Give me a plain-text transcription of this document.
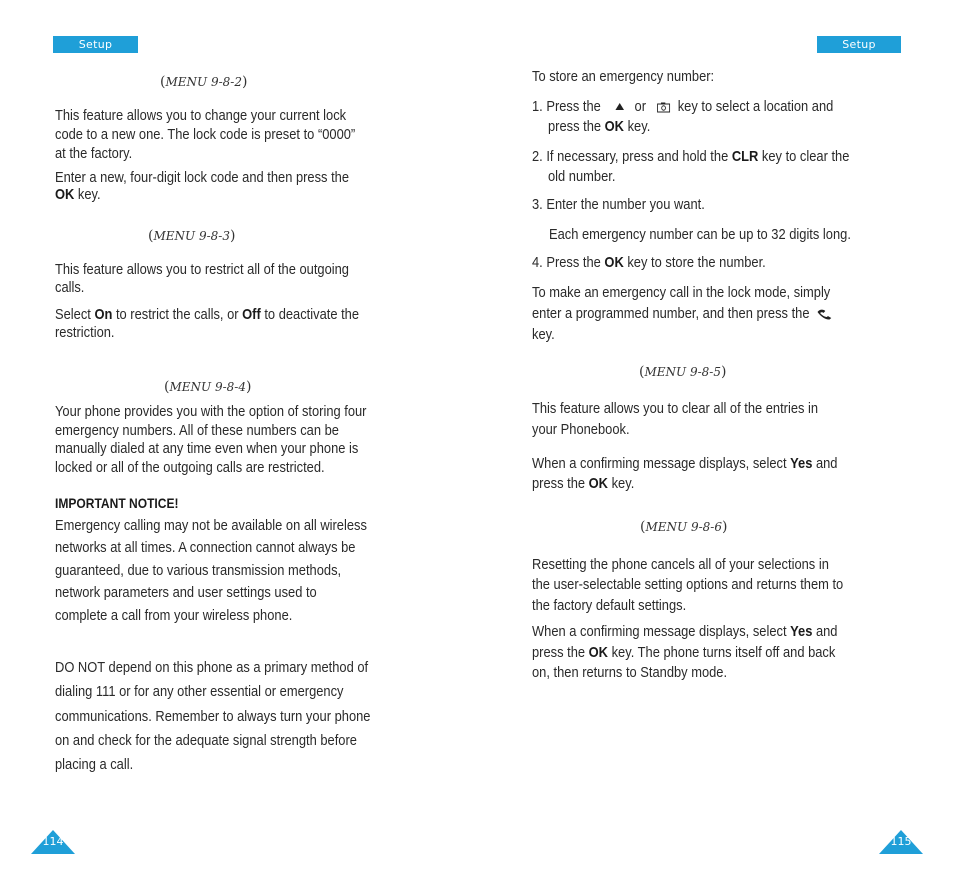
Setup	Setup

(MENU 9-8-2)

This feature allows you to change your current lock

code to a new one. The lock code is preset to “0000”

at the factory.

Enter a new, four-digit lock code and then press the

OK key.

(MENU 9-8-3)

This feature allows you to restrict all of the outgoing

calls.

Select On to restrict the calls, or Off to deactivate the

restriction.

(MENU 9-8-4)

Your phone provides you with the option of storing four

emergency numbers. All of these numbers can be

manually dialed at any time even when your phone is

locked or all of the outgoing calls are restricted.

IMPORTANT NOTICE!

Emergency calling may not be available on all wireless

networks at all times. A connection cannot always be

guaranteed, due to various transmission methods,

network parameters and user settings used to

complete a call from your wireless phone.

DO NOT depend on this phone as a primary method of

dialing 111 or for any other essential or emergency

communications. Remember to always turn your phone

on and check for the adequate signal strength before

placing a call.

114

To store an emergency number:

1. Press the or key to select a location and

press the OK key.

2. If necessary, press and hold the CLR key to clear the

old number.

3. Enter the number you want.

Each emergency number can be up to 32 digits long.

4. Press the OK key to store the number.

To make an emergency call in the lock mode, simply

enter a programmed number, and then press the

key.

(MENU 9-8-5)

This feature allows you to clear all of the entries in

your Phonebook.

When a confirming message displays, select Yes and

press the OK key.

(MENU 9-8-6)

Resetting the phone cancels all of your selections in

the user-selectable setting options and returns them to

the factory default settings.

When a confirming message displays, select Yes and

press the OK key. The phone turns itself off and back

on, then returns to Standby mode.

115
